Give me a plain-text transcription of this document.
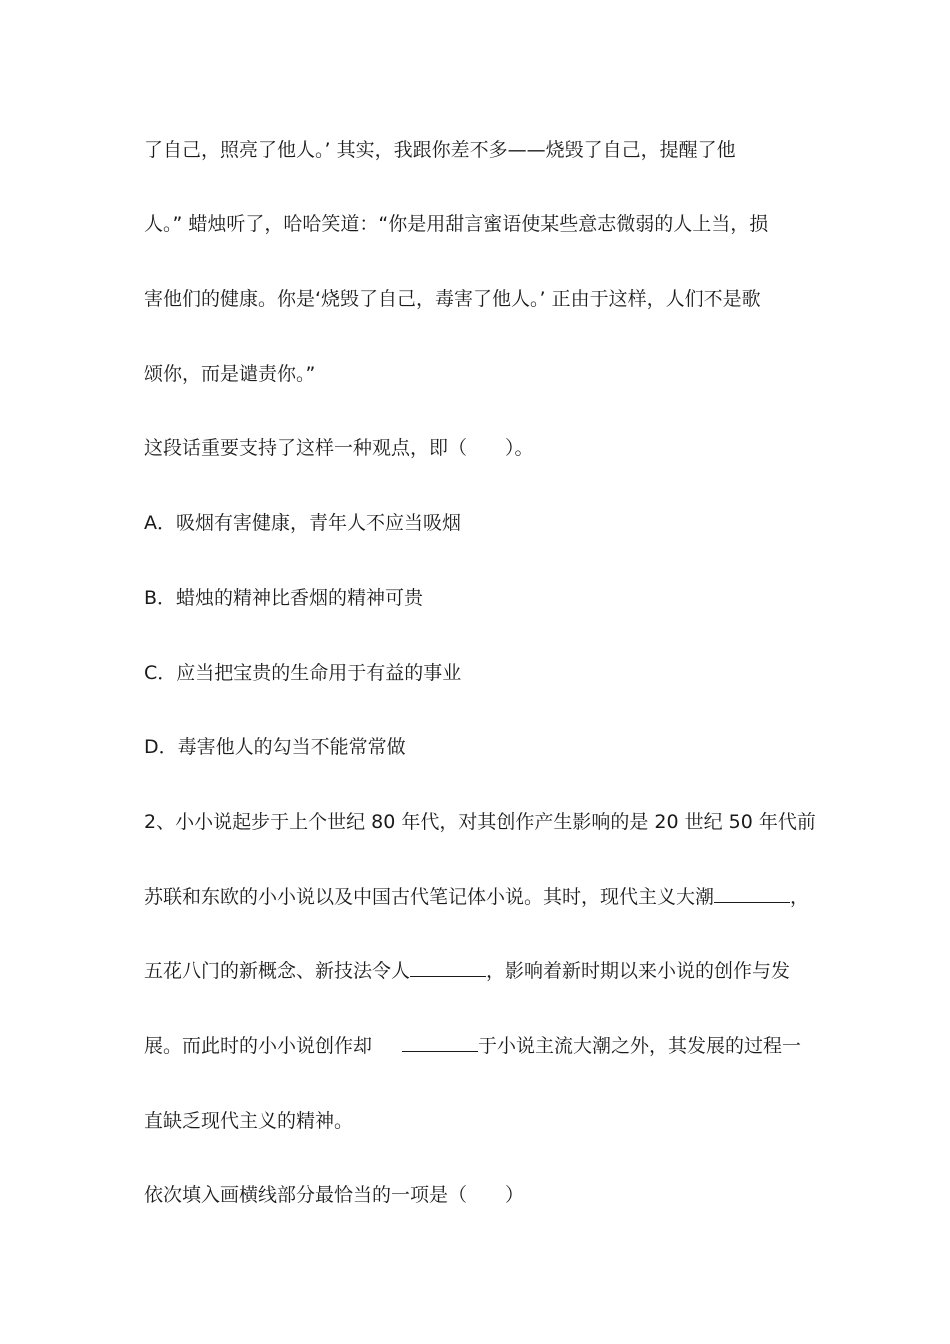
了自己，照亮了他人。’ 其实，我跟你差不多——烧毁了自己，提醒了他
人。” 蜡烛听了，哈哈笑道：“你是用甜言蜜语使某些意志微弱的人上当，损
害他们的健康。你是‘烧毁了自己，毒害了他人。’ 正由于这样，人们不是歌
颂你，而是谴责你。”
这段话重要支持了这样一种观点，即（　　）。
A．吸烟有害健康，青年人不应当吸烟
B．蜡烛的精神比香烟的精神可贵
C．应当把宝贵的生命用于有益的事业
D．毒害他人的勾当不能常常做
2、小小说起步于上个世纪 80 年代，对其创作产生影响的是 20 世纪 50 年代前
苏联和东欧的小小说以及中国古代笔记体小说。其时，现代主义大潮	，
五花八门的新概念、新技法令人	，影响着新时期以来小说的创作与发
展。而此时的小小说创作却	于小说主流大潮之外，其发展的过程一
直缺乏现代主义的精神。
依次填入画横线部分最恰当的一项是（　　）
